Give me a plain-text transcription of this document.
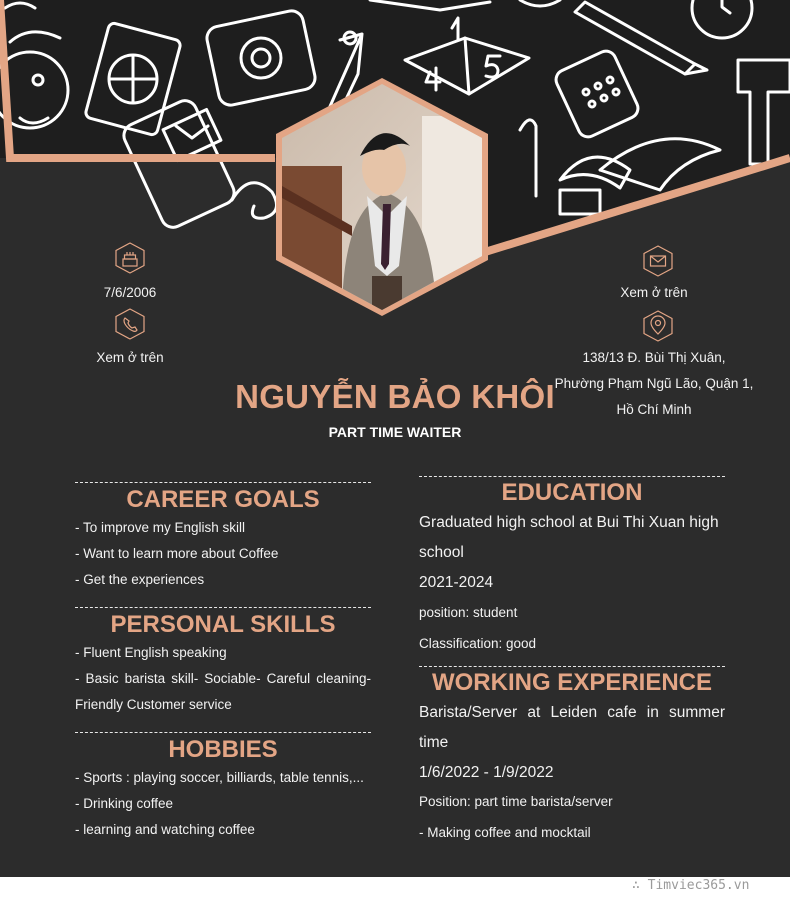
7/6/2006
Xem ở trên
Xem ở trên
138/13 Đ. Bùi Thị Xuân,
Phường Phạm Ngũ Lão, Quận 1,
Hồ Chí Minh
NGUYỄN BẢO KHÔI
PART TIME WAITER
CAREER GOALS
- To improve my English skill
- Want to learn more about Coffee
- Get the experiences
PERSONAL SKILLS
- Fluent English speaking
- Basic barista skill- Sociable- Careful cleaning- Friendly Customer service
HOBBIES
- Sports : playing soccer, billiards, table tennis,...
- Drinking coffee
- learning and watching coffee
EDUCATION
Graduated high school at Bui Thi Xuan high school
2021-2024
position: student
Classification: good
WORKING EXPERIENCE
Barista/Server at Leiden cafe in summer time
1/6/2022 - 1/9/2022
Position: part time barista/server
- Making coffee and mocktail
∴ Timviec365.vn
